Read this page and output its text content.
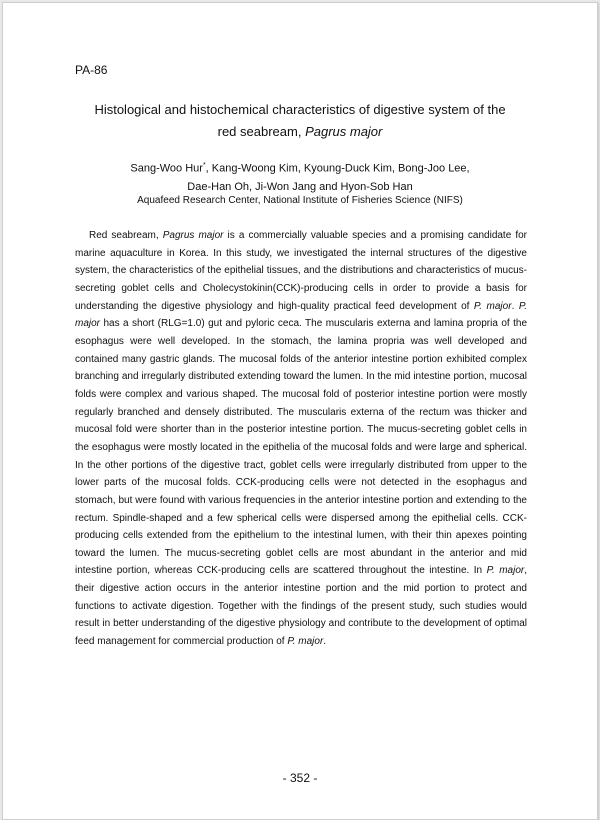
PA-86
Histological and histochemical characteristics of digestive system of the
red seabream, Pagrus major
Sang-Woo Hur*, Kang-Woong Kim, Kyoung-Duck Kim, Bong-Joo Lee,
Dae-Han Oh, Ji-Won Jang and Hyon-Sob Han
Aquafeed Research Center, National Institute of Fisheries Science (NIFS)

Red seabream, Pagrus major is a commercially valuable species and a promising candidate for marine aquaculture in Korea. In this study, we investigated the internal structures of the digestive system, the characteristics of the epithelial tissues, and the distributions and characteristics of mucus-secreting goblet cells and Cholecystokinin(CCK)-producing cells in order to provide a basis for understanding the digestive physiology and high-quality practical feed development of P. major. P. major has a short (RLG=1.0) gut and pyloric ceca. The muscularis externa and lamina propria of the esophagus were well developed. In the stomach, the lamina propria was well developed and contained many gastric glands. The mucosal folds of the anterior intestine portion exhibited complex branching and irregularly distributed extending toward the lumen. In the mid intestine portion, mucosal folds were complex and various shaped. The mucosal fold of posterior intestine portion were mostly regularly branched and densely distributed. The muscularis externa of the rectum was thicker and mucosal fold were shorter than in the posterior intestine portion. The mucus-secreting goblet cells in the esophagus were mostly located in the epithelia of the mucosal folds and were large and spherical. In the other portions of the digestive tract, goblet cells were irregularly distributed from upper to the lower parts of the mucosal folds. CCK-producing cells were not detected in the esophagus and stomach, but were found with various frequencies in the anterior intestine portion and extending to the rectum. Spindle-shaped and a few spherical cells were dispersed among the epithelial cells. CCK-producing cells extended from the epithelium to the intestinal lumen, with their thin apexes pointing toward the lumen. The mucus-secreting goblet cells are most abundant in the anterior and mid intestine portion, whereas CCK-producing cells are scattered throughout the intestine. In P. major, their digestive action occurs in the anterior intestine portion and the mid portion to protect and functions to activate digestion. Together with the findings of the present study, such studies would result in better understanding of the digestive physiology and contribute to the development of optimal feed management for commercial production of P. major.

- 352 -
